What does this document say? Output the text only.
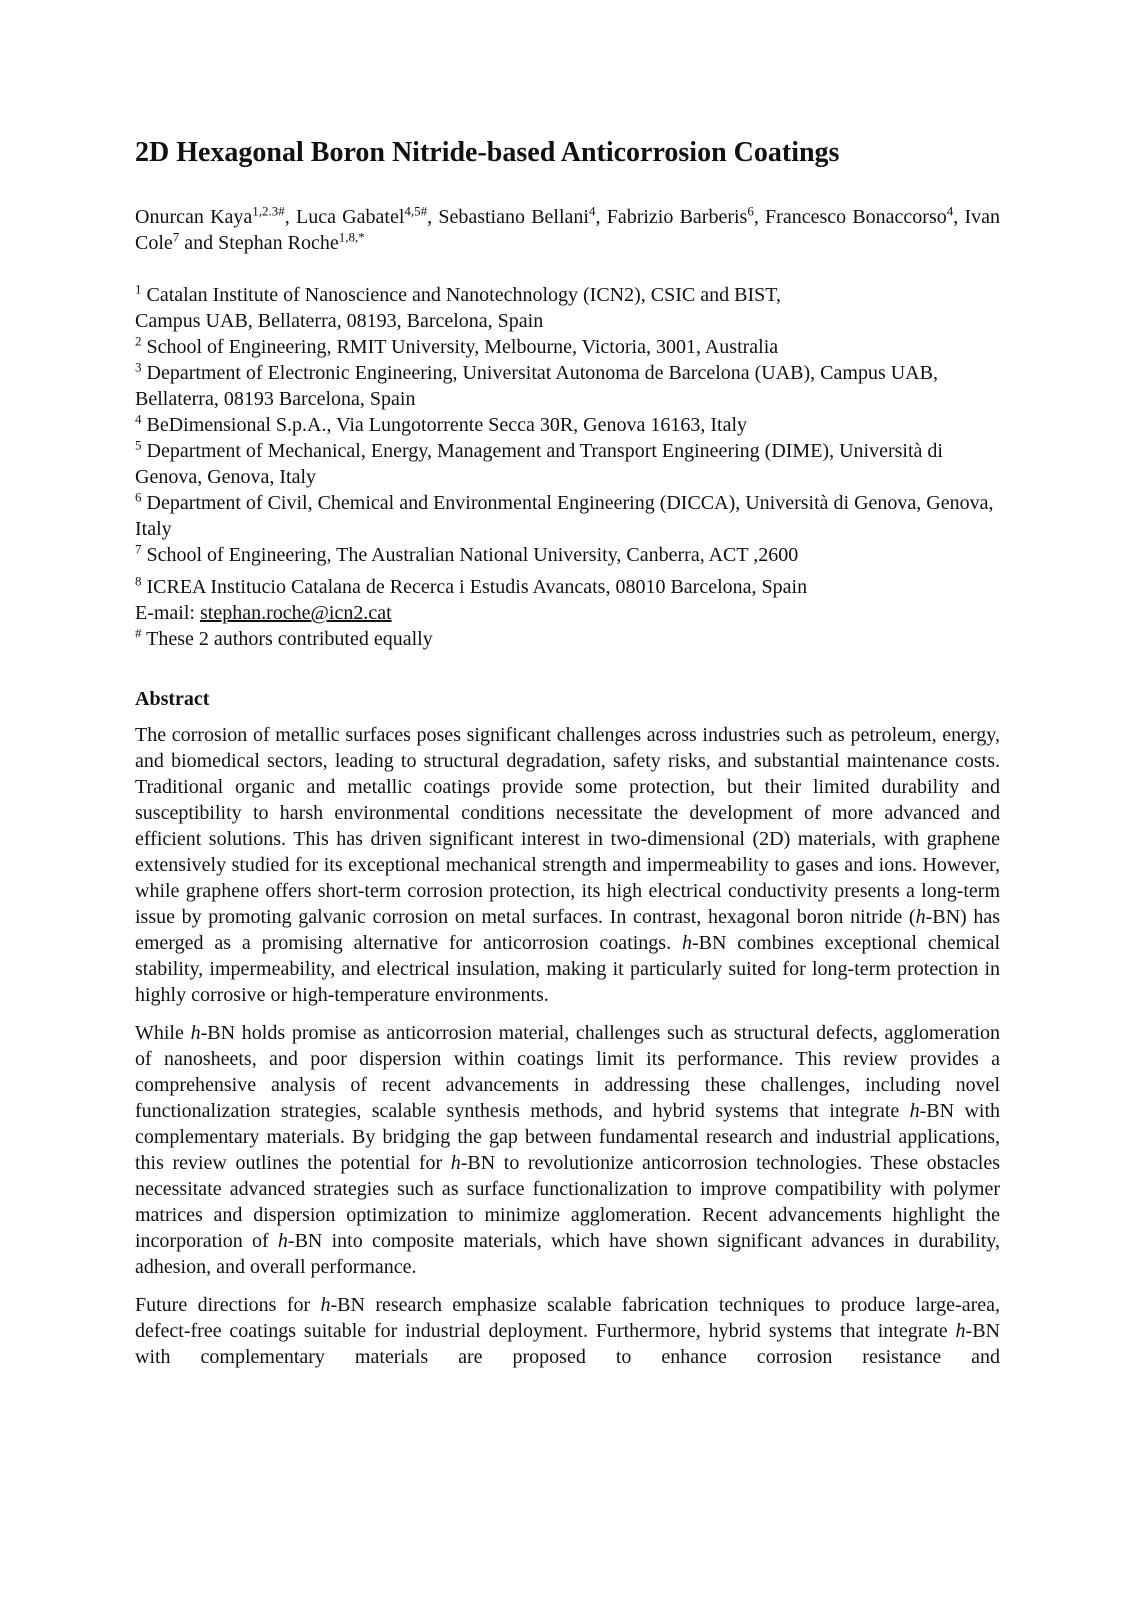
2D Hexagonal Boron Nitride-based Anticorrosion Coatings

Onurcan Kaya$^{1,2.3\#}$, Luca Gabatel$^{4,5\#}$, Sebastiano Bellani$^4$, Fabrizio Barberis$^6$, Francesco Bonaccorso$^4$, Ivan Cole$^7$ and Stephan Roche$^{1,8,*}$

$^1$ Catalan Institute of Nanoscience and Nanotechnology (ICN2), CSIC and BIST,
Campus UAB, Bellaterra, 08193, Barcelona, Spain

$^2$ School of Engineering, RMIT University, Melbourne, Victoria, 3001, Australia

$^3$ Department of Electronic Engineering, Universitat Autonoma de Barcelona (UAB), Campus UAB, Bellaterra, 08193 Barcelona, Spain

$^4$ BeDimensional S.p.A., Via Lungotorrente Secca 30R, Genova 16163, Italy

$^5$ Department of Mechanical, Energy, Management and Transport Engineering (DIME), Università di Genova, Genova, Italy

$^6$ Department of Civil, Chemical and Environmental Engineering (DICCA), Università di Genova, Genova, Italy

$^7$ School of Engineering, The Australian National University, Canberra, ACT ,2600

$^8$ ICREA Institucio Catalana de Recerca i Estudis Avancats, 08010 Barcelona, Spain

E-mail: stephan.roche@icn2.cat

# These 2 authors contributed equally

Abstract

The corrosion of metallic surfaces poses significant challenges across industries such as petroleum, energy, and biomedical sectors, leading to structural degradation, safety risks, and substantial maintenance costs. Traditional organic and metallic coatings provide some protection, but their limited durability and susceptibility to harsh environmental conditions necessitate the development of more advanced and efficient solutions. This has driven significant interest in two-dimensional (2D) materials, with graphene extensively studied for its exceptional mechanical strength and impermeability to gases and ions. However, while graphene offers short-term corrosion protection, its high electrical conductivity presents a long-term issue by promoting galvanic corrosion on metal surfaces. In contrast, hexagonal boron nitride (h-BN) has emerged as a promising alternative for anticorrosion coatings. h-BN combines exceptional chemical stability, impermeability, and electrical insulation, making it particularly suited for long-term protection in highly corrosive or high-temperature environments.

While h-BN holds promise as anticorrosion material, challenges such as structural defects, agglomeration of nanosheets, and poor dispersion within coatings limit its performance. This review provides a comprehensive analysis of recent advancements in addressing these challenges, including novel functionalization strategies, scalable synthesis methods, and hybrid systems that integrate h-BN with complementary materials. By bridging the gap between fundamental research and industrial applications, this review outlines the potential for h-BN to revolutionize anticorrosion technologies. These obstacles necessitate advanced strategies such as surface functionalization to improve compatibility with polymer matrices and dispersion optimization to minimize agglomeration. Recent advancements highlight the incorporation of h-BN into composite materials, which have shown significant advances in durability, adhesion, and overall performance.

Future directions for h-BN research emphasize scalable fabrication techniques to produce large-area, defect-free coatings suitable for industrial deployment. Furthermore, hybrid systems that integrate h-BN with complementary materials are proposed to enhance corrosion resistance and
